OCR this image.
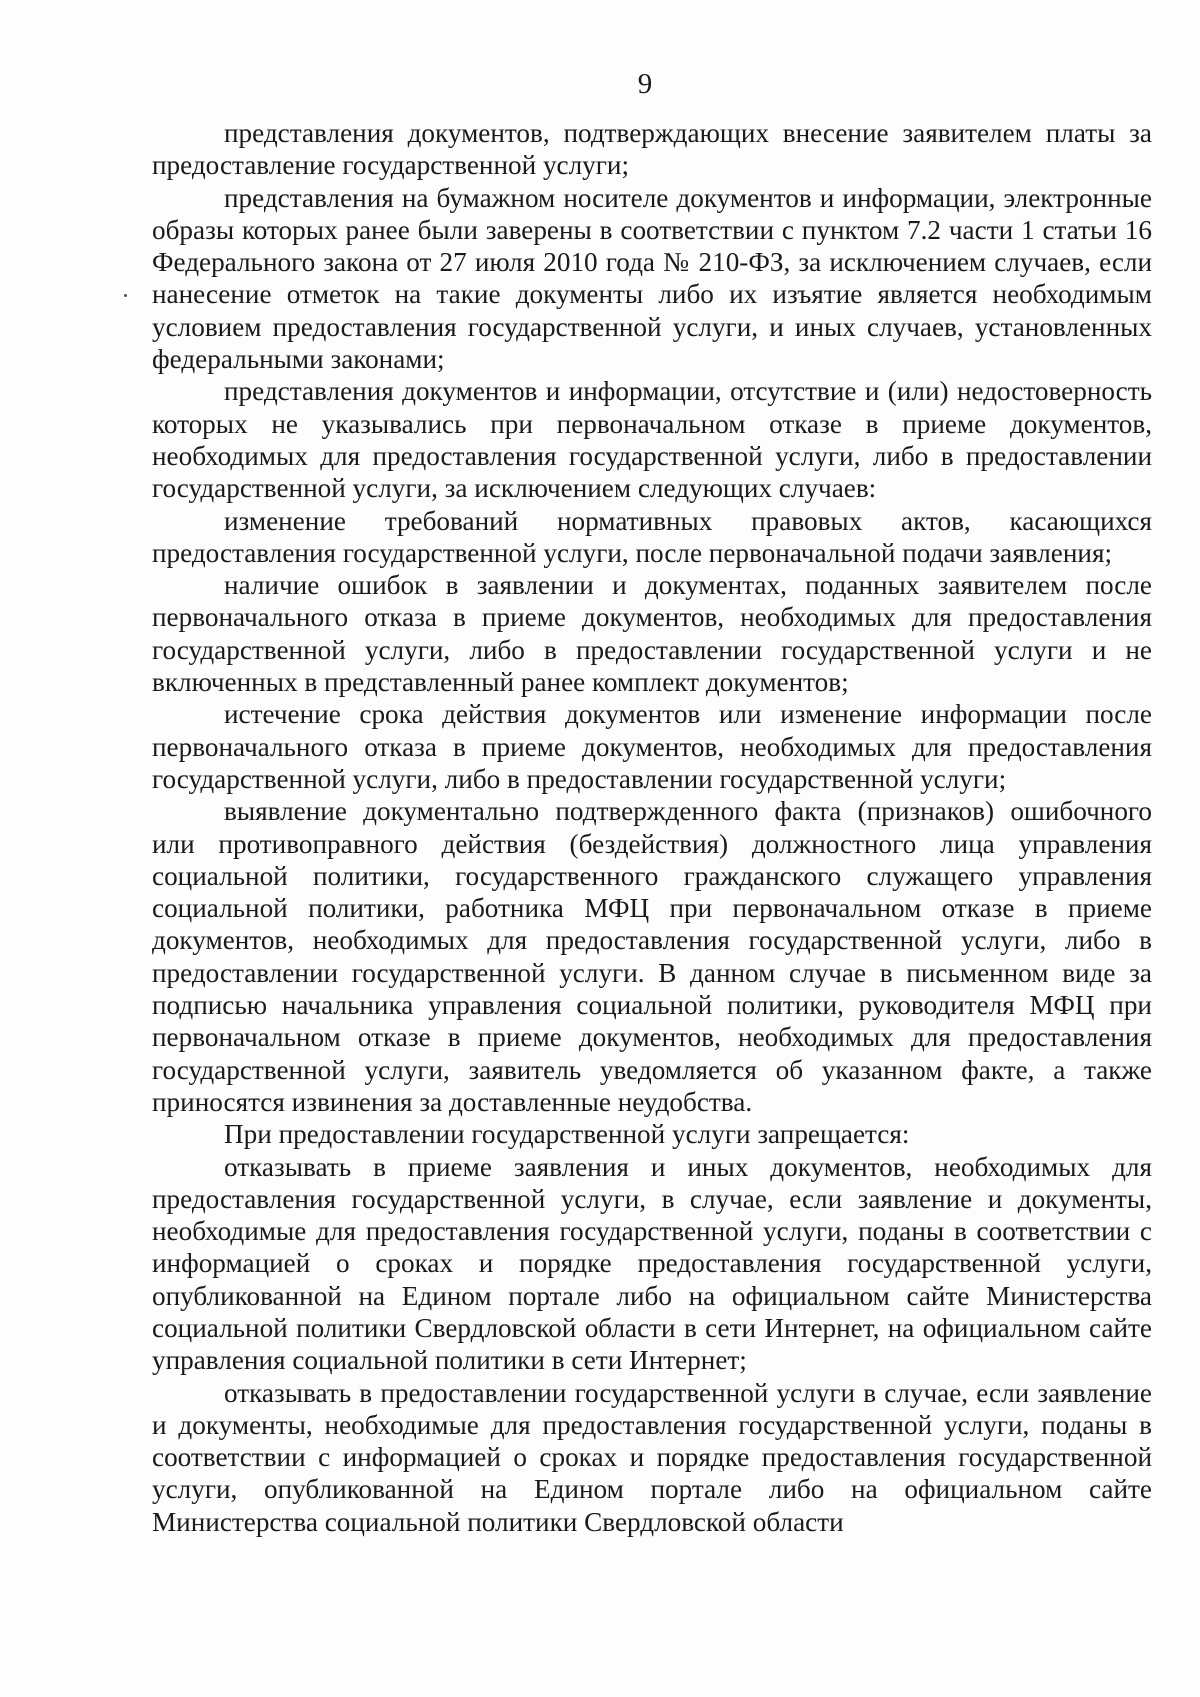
9

представления документов, подтверждающих внесение заявителем платы за предоставление государственной услуги;

представления на бумажном носителе документов и информации, электронные образы которых ранее были заверены в соответствии с пунктом 7.2 части 1 статьи 16 Федерального закона от 27 июля 2010 года № 210-ФЗ, за исключением случаев, если нанесение отметок на такие документы либо их изъятие является необходимым условием предоставления государственной услуги, и иных случаев, установленных федеральными законами;

представления документов и информации, отсутствие и (или) недостоверность которых не указывались при первоначальном отказе в приеме документов, необходимых для предоставления государственной услуги, либо в предоставлении государственной услуги, за исключением следующих случаев:

изменение требований нормативных правовых актов, касающихся предоставления государственной услуги, после первоначальной подачи заявления;

наличие ошибок в заявлении и документах, поданных заявителем после первоначального отказа в приеме документов, необходимых для предоставления государственной услуги, либо в предоставлении государственной услуги и не включенных в представленный ранее комплект документов;

истечение срока действия документов или изменение информации после первоначального отказа в приеме документов, необходимых для предоставления государственной услуги, либо в предоставлении государственной услуги;

выявление документально подтвержденного факта (признаков) ошибочного или противоправного действия (бездействия) должностного лица управления социальной политики, государственного гражданского служащего управления социальной политики, работника МФЦ при первоначальном отказе в приеме документов, необходимых для предоставления государственной услуги, либо в предоставлении государственной услуги. В данном случае в письменном виде за подписью начальника управления социальной политики, руководителя МФЦ при первоначальном отказе в приеме документов, необходимых для предоставления государственной услуги, заявитель уведомляется об указанном факте, а также приносятся извинения за доставленные неудобства.

При предоставлении государственной услуги запрещается:

отказывать в приеме заявления и иных документов, необходимых для предоставления государственной услуги, в случае, если заявление и документы, необходимые для предоставления государственной услуги, поданы в соответствии с информацией о сроках и порядке предоставления государственной услуги, опубликованной на Едином портале либо на официальном сайте Министерства социальной политики Свердловской области в сети Интернет, на официальном сайте управления социальной политики в сети Интернет;

отказывать в предоставлении государственной услуги в случае, если заявление и документы, необходимые для предоставления государственной услуги, поданы в соответствии с информацией о сроках и порядке предоставления государственной услуги, опубликованной на Едином портале либо на официальном сайте Министерства социальной политики Свердловской области
